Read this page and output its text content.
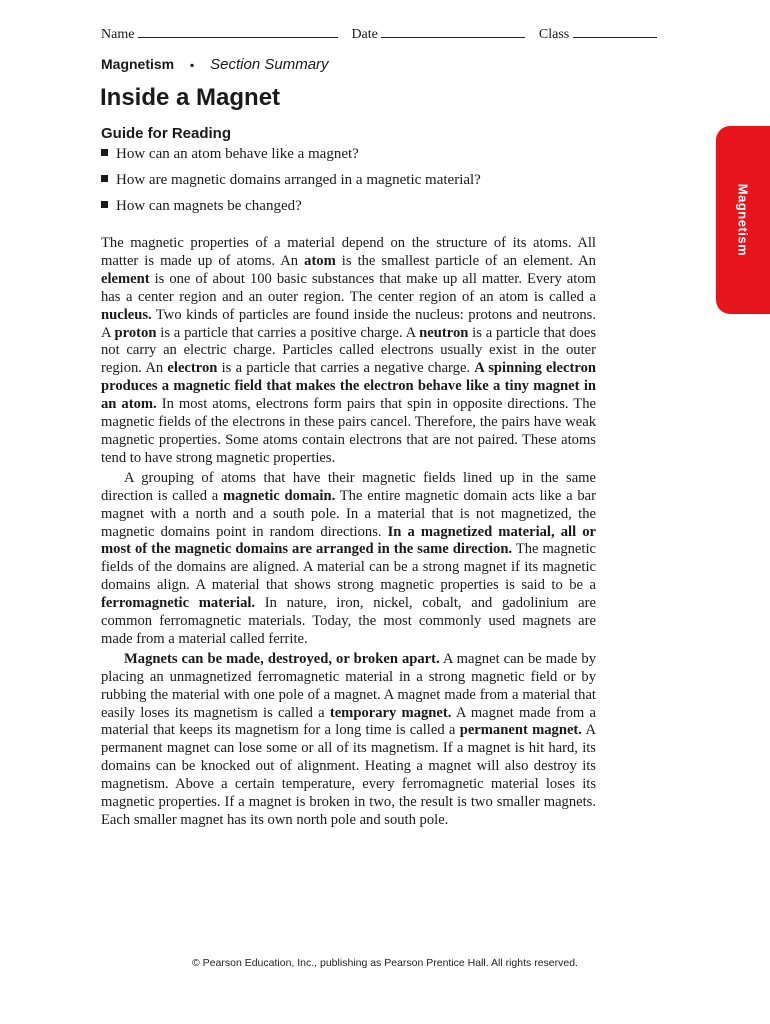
Name	Date	Class
Magnetism ▪ Section Summary
Inside a Magnet
Guide for Reading
How can an atom behave like a magnet?
How are magnetic domains arranged in a magnetic material?
How can magnets be changed?	Magnetism

The magnetic properties of a material depend on the structure of its atoms. All matter is made up of atoms. An atom is the smallest particle of an element. An element is one of about 100 basic substances that make up all matter. Every atom has a center region and an outer region. The center region of an atom is called a nucleus. Two kinds of particles are found inside the nucleus: protons and neutrons. A proton is a particle that carries a positive charge. A neutron is a particle that does not carry an electric charge. Particles called electrons usually exist in the outer region. An electron is a particle that carries a negative charge. A spinning electron produces a magnetic field that makes the electron behave like a tiny magnet in an atom. In most atoms, electrons form pairs that spin in opposite directions. The magnetic fields of the electrons in these pairs cancel. Therefore, the pairs have weak magnetic properties. Some atoms contain electrons that are not paired. These atoms tend to have strong magnetic properties.

A grouping of atoms that have their magnetic fields lined up in the same direction is called a magnetic domain. The entire magnetic domain acts like a bar magnet with a north and a south pole. In a material that is not magnetized, the magnetic domains point in random directions. In a magnetized material, all or most of the magnetic domains are arranged in the same direction. The magnetic fields of the domains are aligned. A material can be a strong magnet if its magnetic domains align. A material that shows strong magnetic properties is said to be a ferromagnetic material. In nature, iron, nickel, cobalt, and gadolinium are common ferromagnetic materials. Today, the most commonly used magnets are made from a material called ferrite.

Magnets can be made, destroyed, or broken apart. A magnet can be made by placing an unmagnetized ferromagnetic material in a strong magnetic field or by rubbing the material with one pole of a magnet. A magnet made from a material that easily loses its magnetism is called a temporary magnet. A magnet made from a material that keeps its magnetism for a long time is called a permanent magnet. A permanent magnet can lose some or all of its magnetism. If a magnet is hit hard, its domains can be knocked out of alignment. Heating a magnet will also destroy its magnetism. Above a certain temperature, every ferromagnetic material loses its magnetic properties. If a magnet is broken in two, the result is two smaller magnets. Each smaller magnet has its own north pole and south pole.

© Pearson Education, Inc., publishing as Pearson Prentice Hall. All rights reserved.
